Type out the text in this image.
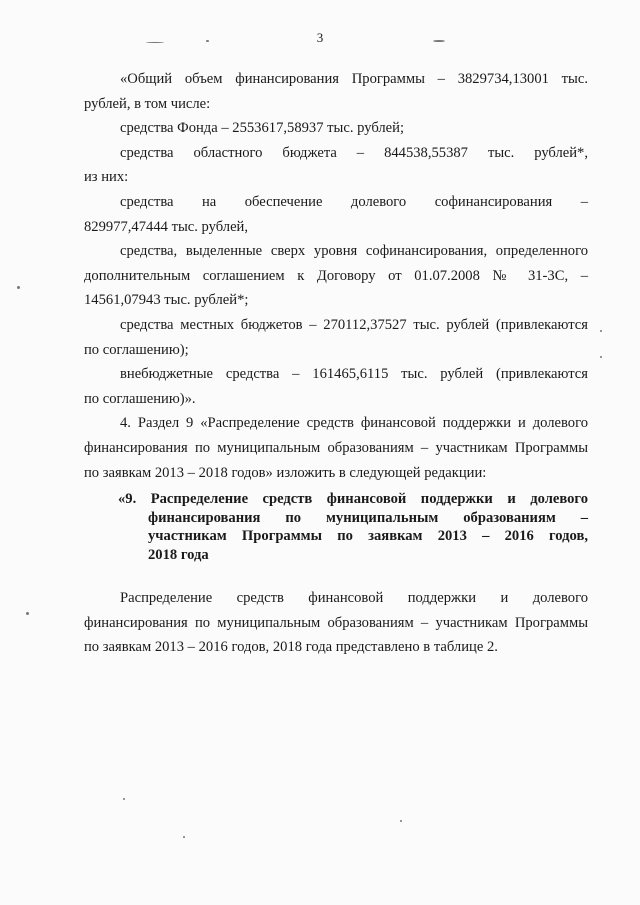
3

«Общий объем финансирования Программы – 3829734,13001 тыс.

рублей, в том числе:

средства Фонда – 2553617,58937 тыс. рублей;

средства областного бюджета – 844538,55387 тыс. рублей*,

из них:

средства на обеспечение долевого софинансирования –

829977,47444 тыс. рублей,

средства, выделенные сверх уровня софинансирования, определенного

дополнительным соглашением к Договору от 01.07.2008 № 31-3С, –

14561,07943 тыс. рублей*;

средства местных бюджетов – 270112,37527 тыс. рублей (привлекаются

по соглашению);

внебюджетные средства – 161465,6115 тыс. рублей (привлекаются

по соглашению)».

4. Раздел 9 «Распределение средств финансовой поддержки и долевого

финансирования по муниципальным образованиям – участникам Программы

по заявкам 2013 – 2018 годов» изложить в следующей редакции:

«9. Распределение средств финансовой поддержки и долевого
финансирования по муниципальным образованиям –
участникам Программы по заявкам 2013 – 2016 годов,
2018 года

Распределение средств финансовой поддержки и долевого

финансирования по муниципальным образованиям – участникам Программы

по заявкам 2013 – 2016 годов, 2018 года представлено в таблице 2.
